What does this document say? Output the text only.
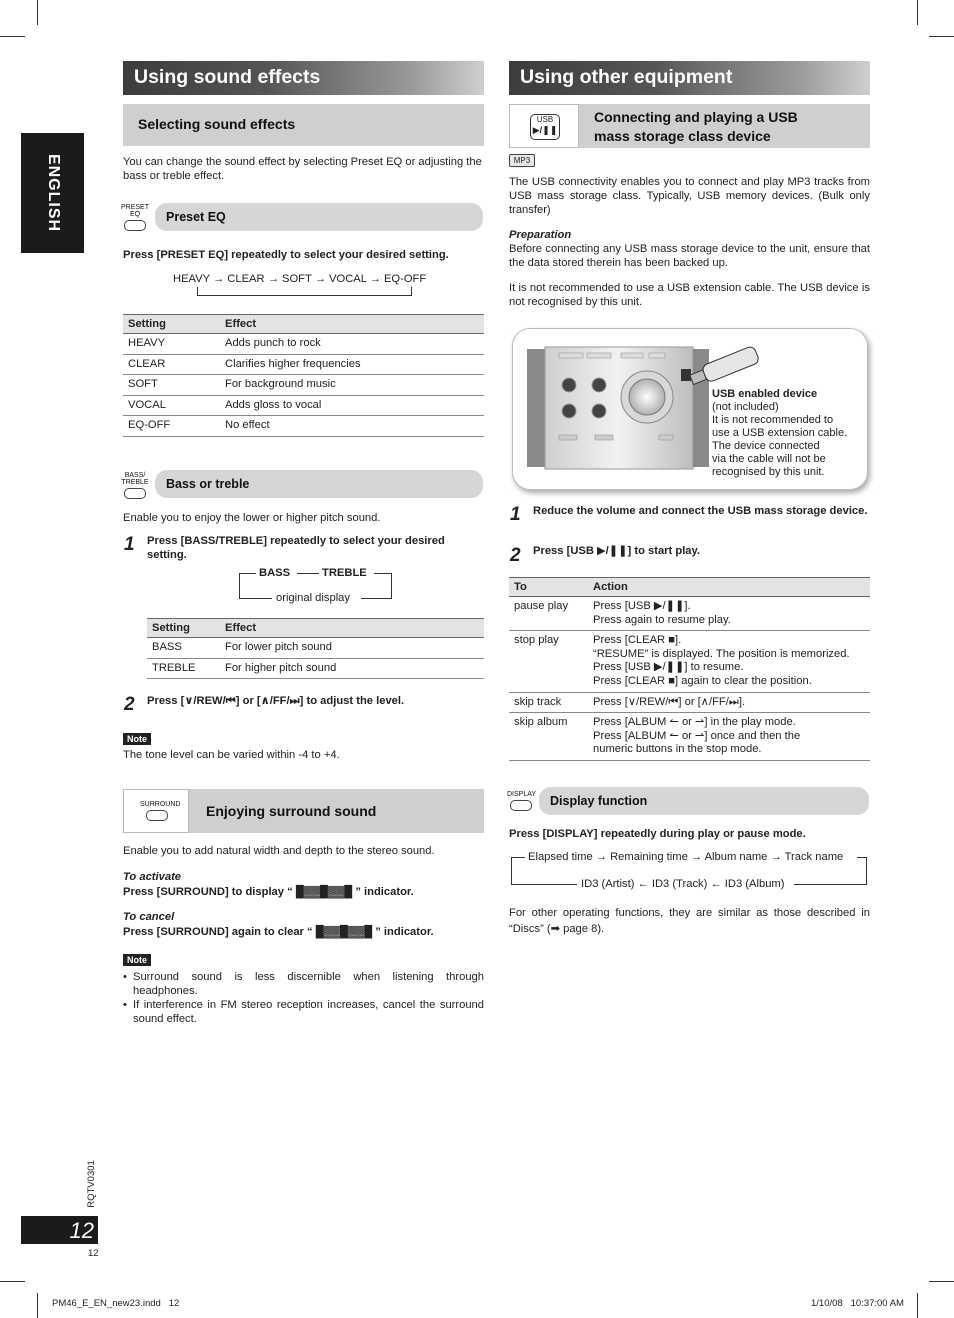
ENGLISH
Using sound effects
Selecting sound effects
You can change the sound effect by selecting Preset EQ or adjusting the bass or treble effect.
PRESET
EQ	Preset EQ
Press [PRESET EQ] repeatedly to select your desired setting.
HEAVY → CLEAR → SOFT → VOCAL → EQ-OFF
Setting	Effect
HEAVY	Adds punch to rock
CLEAR	Clarifies higher frequencies
SOFT	For background music
VOCAL	Adds gloss to vocal
EQ-OFF	No effect
BASS/
TREBLE	Bass or treble
Enable you to enjoy the lower or higher pitch sound.
1 Press [BASS/TREBLE] repeatedly to select your desired setting.
BASS	TREBLE
original display
Setting	Effect
BASS	For lower pitch sound
TREBLE	For higher pitch sound
2 Press [∨/REW/⏮] or [∧/FF/⏭] to adjust the level.
Note
The tone level can be varied within -4 to +4.
SURROUND Enjoying surround sound
Enable you to add natural width and depth to the stereo sound.
To activate
Press [SURROUND] to display “ █▓▓█▓▓█ ” indicator.
To cancel
Press [SURROUND] again to clear “ █▓▓█▓▓█ ” indicator.
Note
• Surround sound is less discernible when listening through headphones.
• If interference in FM stereo reception increases, cancel the surround sound effect.
Using other equipment
USB
▶/❚❚
Connecting and playing a USB
mass storage class device
MP3
The USB connectivity enables you to connect and play MP3 tracks from USB mass storage class. Typically, USB memory devices. (Bulk only transfer)
Preparation
Before connecting any USB mass storage device to the unit, ensure that the data stored therein has been backed up.
It is not recommended to use a USB extension cable. The USB device is not recognised by this unit.
USB enabled device
(not included)
It is not recommended to
use a USB extension cable.
The device connected
via the cable will not be
recognised by this unit.
1 Reduce the volume and connect the USB mass storage device.
2 Press [USB ▶/❚❚] to start play.
To	Action
pause play	Press [USB ▶/❚❚].
Press again to resume play.

stop play	Press [CLEAR ■].
“RESUME” is displayed. The position is memorized.
Press [USB ▶/❚❚] to resume.
Press [CLEAR ■] again to clear the position.

skip track	Press [∨/REW/⏮] or [∧/FF/⏭].

skip album	Press [ALBUM ↼ or ⇀] in the play mode.
Press [ALBUM ↼ or ⇀] once and then the
numeric buttons in the stop mode.
DISPLAY	Display function
Press [DISPLAY] repeatedly during play or pause mode.
Elapsed time → Remaining time → Album name → Track name
ID3 (Artist) ← ID3 (Track) ← ID3 (Album)
For other operating functions, they are similar as those described in “Discs” (➡ page 8).
RQTV0301
12
12
PM46_E_EN_new23.indd   12	1/10/08   10:37:00 AM
